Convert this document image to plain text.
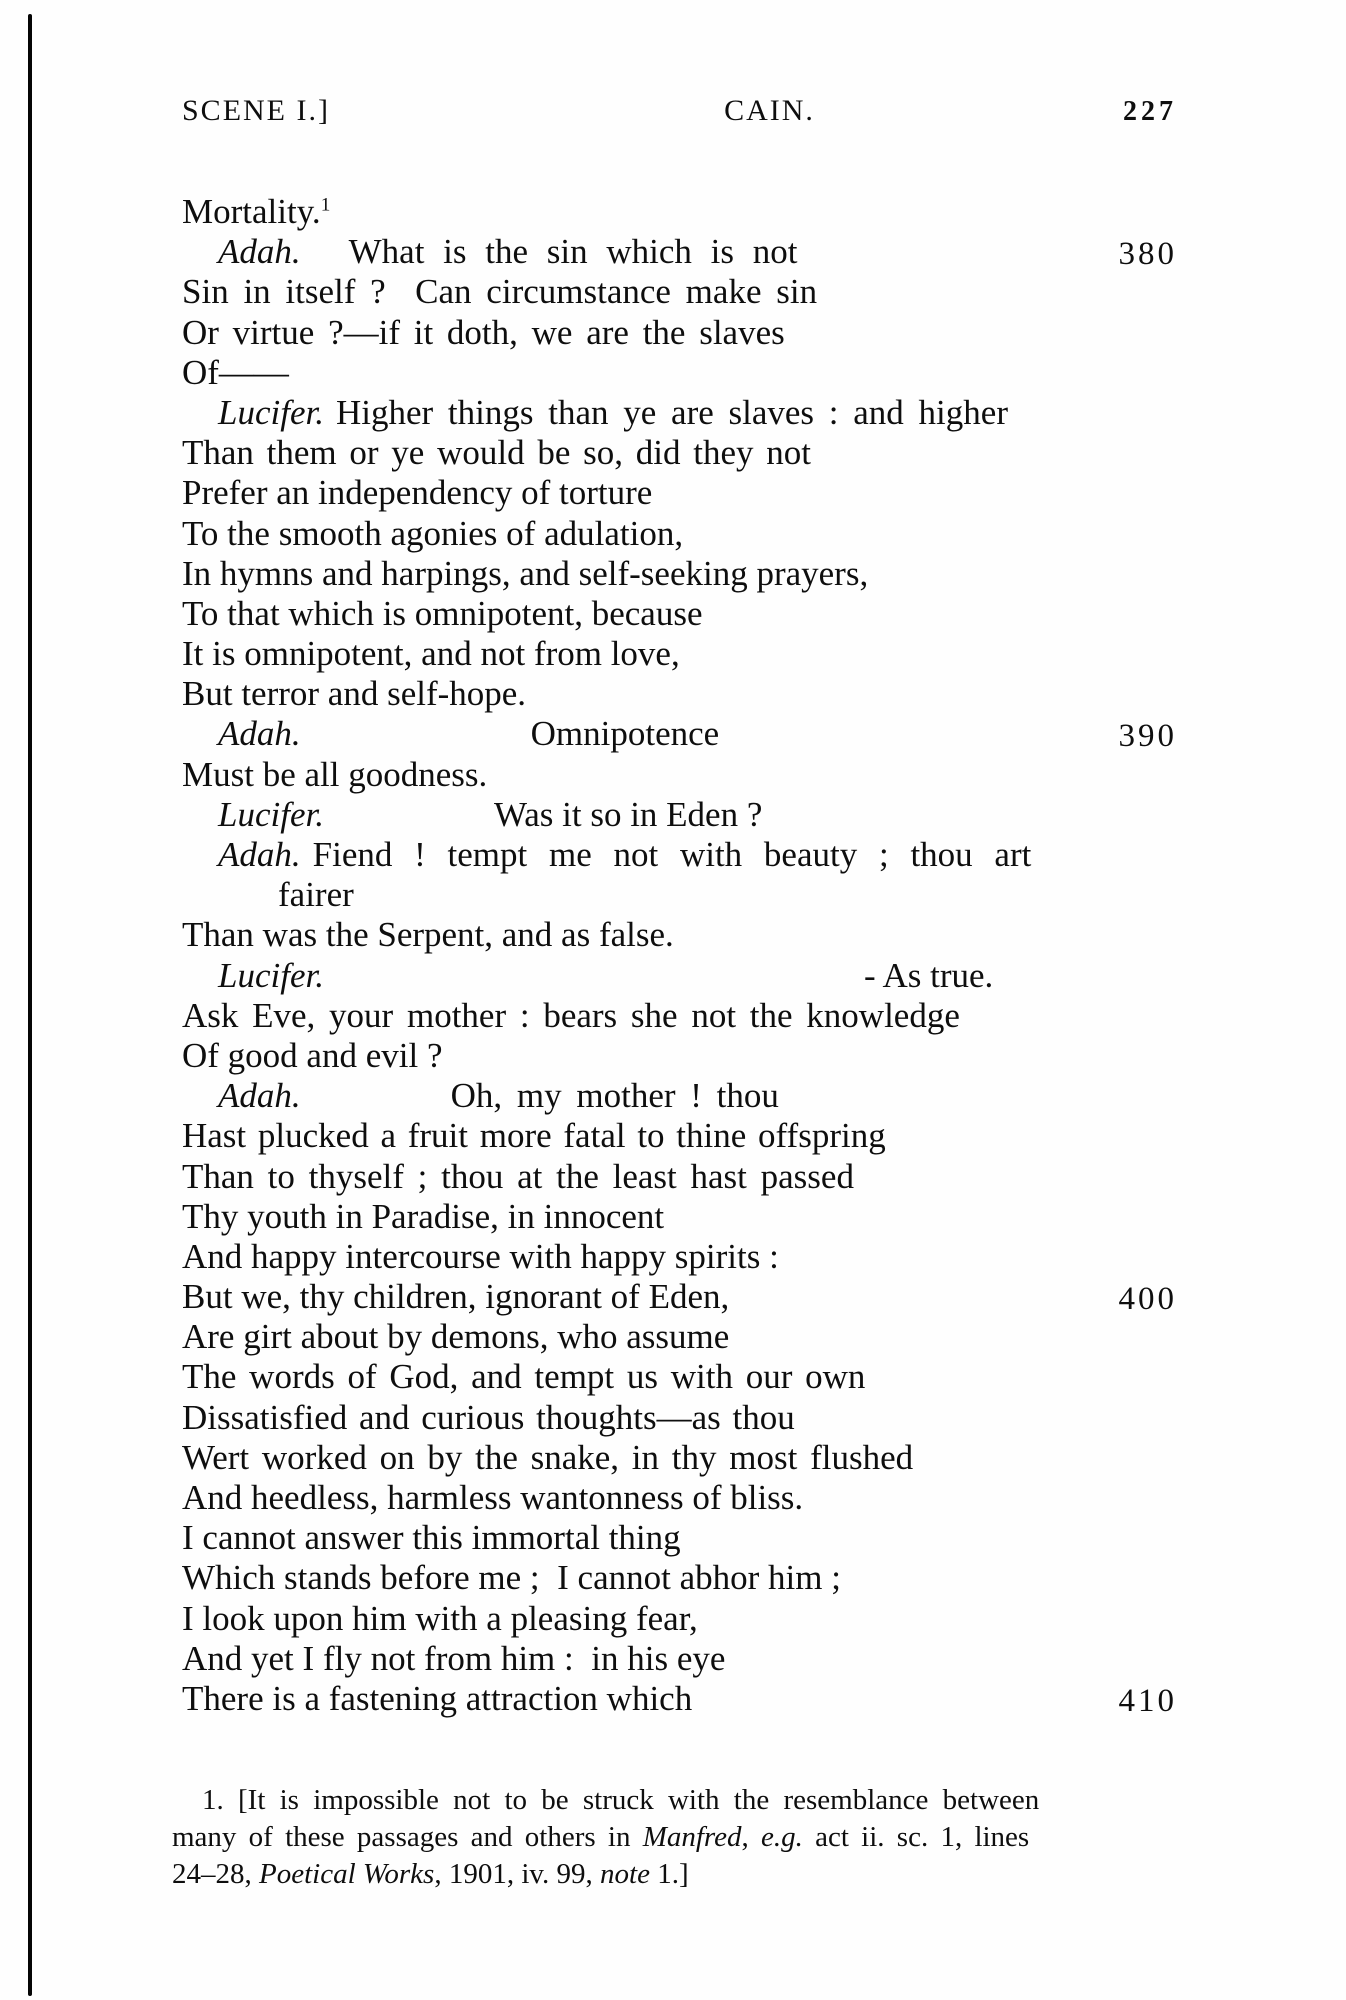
SCENE I.]	CAIN.	227
Mortality.$^1$
Adah. What is the sin which is not	380
Sin in itself ?  Can circumstance make sin
Or virtue ?—if it doth, we are the slaves
Of——
Lucifer. Higher things than ye are slaves : and higher
Than them or ye would be so, did they not
Prefer an independency of torture
To the smooth agonies of adulation,
In hymns and harpings, and self-seeking prayers,
To that which is omnipotent, because
It is omnipotent, and not from love,
But terror and self-hope.
Adah.	Omnipotence	390
Must be all goodness.
Lucifer.	Was it so in Eden ?
Adah. Fiend ! tempt me not with beauty ; thou art
fairer
Than was the Serpent, and as false.
Lucifer.	- As true.
Ask Eve, your mother : bears she not the knowledge
Of good and evil ?
Adah.	Oh, my mother ! thou
Hast plucked a fruit more fatal to thine offspring
Than to thyself ; thou at the least hast passed
Thy youth in Paradise, in innocent
And happy intercourse with happy spirits :
But we, thy children, ignorant of Eden,	400
Are girt about by demons, who assume
The words of God, and tempt us with our own
Dissatisfied and curious thoughts—as thou
Wert worked on by the snake, in thy most flushed
And heedless, harmless wantonness of bliss.
I cannot answer this immortal thing
Which stands before me ;  I cannot abhor him ;
I look upon him with a pleasing fear,
And yet I fly not from him :  in his eye
There is a fastening attraction which	410
1. [It is impossible not to be struck with the resemblance between
many of these passages and others in Manfred, e.g. act ii. sc. 1, lines
24–28, Poetical Works, 1901, iv. 99, note 1.]
